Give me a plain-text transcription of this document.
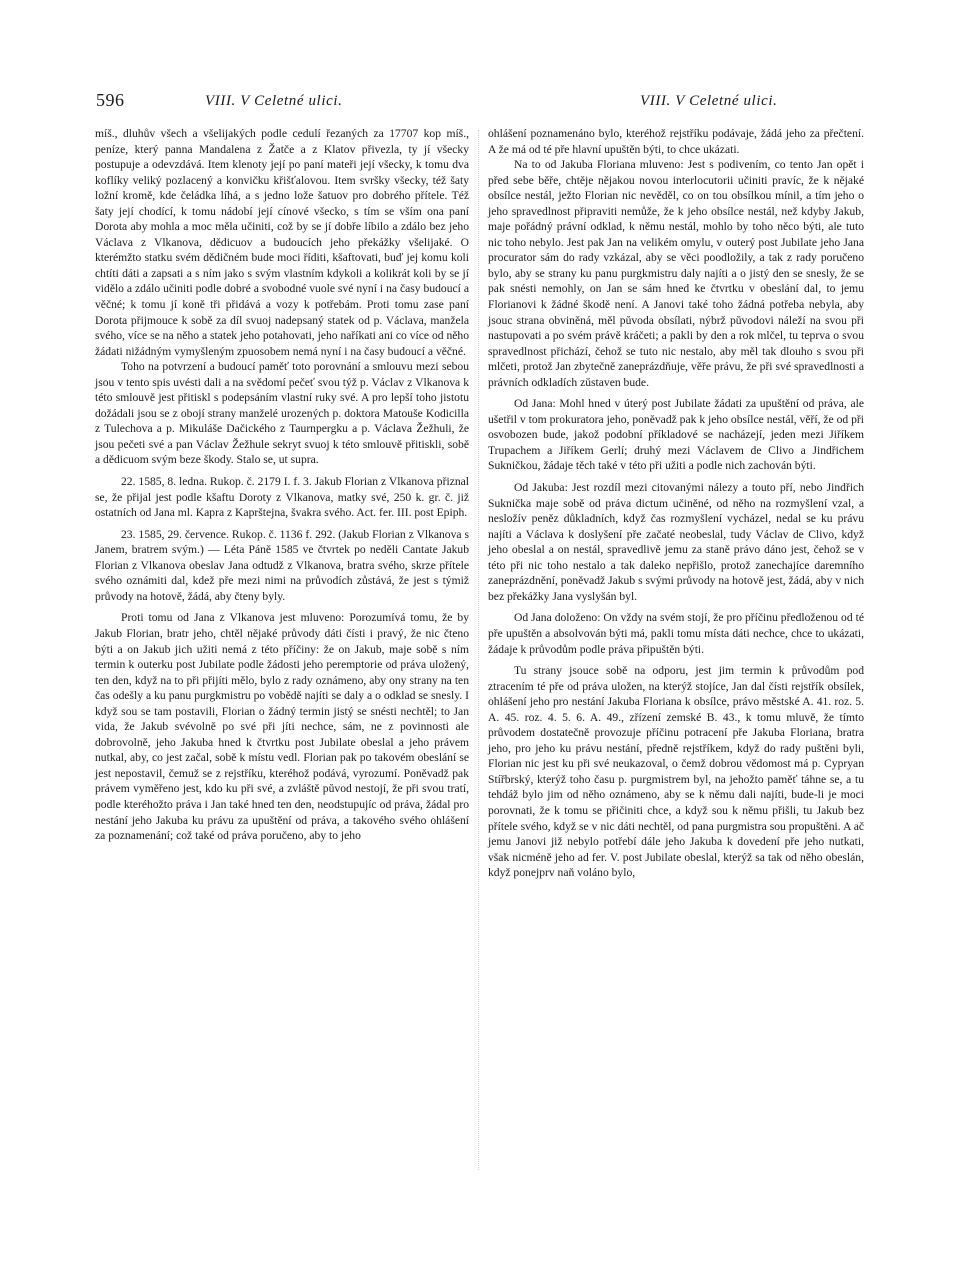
596	VIII. V Celetné ulici.	VIII. V Celetné ulici.

míš., dluhův všech a všelijakých podle cedulí řezaných za 17707 kop míš., peníze, který panna Mandalena z Žatče a z Klatov přivezla, ty jí všecky postupuje a odevzdává. Item klenoty její po paní mateři její všecky, k tomu dva koflíky veliký pozlacený a konvičku křišťalovou. Item svršky všecky, též šaty ložní kromě, kde čeládka líhá, a s jedno lože šatuov pro dobrého přítele. Též šaty její chodící, k tomu nádobí její cínové všecko, s tím se vším ona paní Dorota aby mohla a moc měla učiniti, což by se jí dobře líbilo a zdálo bez jeho Václava z Vlkanova, dědicuov a budoucích jeho překážky všelijaké. O kterémžto statku svém dědičném bude moci říditi, kšaftovati, buď jej komu koli chtíti dáti a zapsati a s ním jako s svým vlastním kdykoli a kolikrát koli by se jí vidělo a zdálo učiniti podle dobré a svobodné vuole své nyní i na časy budoucí a věčné; k tomu jí koně tři přidává a vozy k potřebám. Proti tomu zase paní Dorota přijmouce k sobě za díl svuoj nadepsaný statek od p. Václava, manžela svého, více se na něho a statek jeho potahovati, jeho naříkati ani co více od něho žádati nižádným vymyšleným zpuosobem nemá nyní i na časy budoucí a věčné.

Toho na potvrzení a budoucí paměť toto porovnání a smlouvu mezi sebou jsou v tento spis uvésti dali a na svědomí pečeť svou týž p. Václav z Vlkanova k této smlouvě jest přitiskl s podepsáním vlastní ruky své. A pro lepší toho jistotu dožádali jsou se z obojí strany manželé urozených p. doktora Matouše Kodicilla z Tulechova a p. Mikuláše Dačického z Taurnpergku a p. Václava Žežhuli, že jsou pečeti své a pan Václav Žežhule sekryt svuoj k této smlouvě přitiskli, sobě a dědicuom svým beze škody. Stalo se, ut supra.

22. 1585, 8. ledna. Rukop. č. 2179 I. f. 3. Jakub Florian z Vlkanova přiznal se, že přijal jest podle kšaftu Doroty z Vlkanova, matky své, 250 k. gr. č. již ostatních od Jana ml. Kapra z Kaprštejna, švakra svého. Act. fer. III. post Epiph.

23. 1585, 29. července. Rukop. č. 1136 f. 292. (Jakub Florian z Vlkanova s Janem, bratrem svým.) — Léta Páně 1585 ve čtvrtek po neděli Cantate Jakub Florian z Vlkanova obeslav Jana odtudž z Vlkanova, bratra svého, skrze přítele svého oznámiti dal, kdež pře mezi nimi na průvodích zůstává, že jest s týmiž průvody na hotově, žádá, aby čteny byly.

Proti tomu od Jana z Vlkanova jest mluveno: Porozumívá tomu, že by Jakub Florian, bratr jeho, chtěl nějaké průvody dáti čísti i pravý, že nic čteno býti a on Jakub jich užiti nemá z této příčiny: že on Jakub, maje sobě s ním termin k outerku post Jubilate podle žádosti jeho peremptorie od práva uložený, ten den, když na to při přijíti mělo, bylo z rady oznámeno, aby ony strany na ten čas odešly a ku panu purgkmistru po vobědě najíti se daly a o odklad se snesly. I když sou se tam postavili, Florian o žádný termin jistý se snésti nechtěl; to Jan vida, že Jakub svévolně po své při jíti nechce, sám, ne z povinnosti ale dobrovolně, jeho Jakuba hned k čtvrtku post Jubilate obeslal a jeho právem nutkal, aby, co jest začal, sobě k místu vedl. Florian pak po takovém obeslání se jest nepostavil, čemuž se z rejstříku, kteréhož podává, vyrozumí. Poněvadž pak právem vyměřeno jest, kdo ku při své, a zvláště pŭvod nestojí, že při svou tratí, podle kteréhožto práva i Jan také hned ten den, neodstupujíc od práva, žádal pro nestání jeho Jakuba ku právu za upuštění od práva, a takového svého ohlášení za poznamenání; což také od práva poručeno, aby to jeho

ohlášení poznamenáno bylo, kteréhož rejstříku podávaje, žádá jeho za přečtení. A že má od té pře hlavní upuštěn býti, to chce ukázati.

Na to od Jakuba Floriana mluveno: Jest s podivením, co tento Jan opět i před sebe běře, chtěje nějakou novou interlocutorii učiniti pravíc, že k nějaké obsílce nestál, ježto Florian nic nevěděl, co on tou obsílkou mínil, a tím jeho o jeho spravedlnost připraviti nemůže, že k jeho obsílce nestál, než kdyby Jakub, maje pořádný právní odklad, k němu nestál, mohlo by toho něco býti, ale tuto nic toho nebylo. Jest pak Jan na velikém omylu, v outerý post Jubilate jeho Jana procurator sám do rady vzkázal, aby se věci poodložily, a tak z rady poručeno bylo, aby se strany ku panu purgkmistru daly najíti a o jistý den se snesly, že se pak snésti nemohly, on Jan se sám hned ke čtvrtku v obeslání dal, to jemu Florianovi k žádné škodě není. A Janovi také toho žádná potřeba nebyla, aby jsouc strana obviněná, měl pŭvoda obsílati, nýbrž pŭvodovi náleží na svou při nastupovati a po svém právě kráčeti; a pakli by den a rok mlčel, tu teprva o svou spravedlnost přichází, čehož se tuto nic nestalo, aby měl tak dlouho s svou při mlčeti, protož Jan zbytečně zaneprázdňuje, věře právu, že při své spravedlnosti a právních odkladích zŭstaven bude.

Od Jana: Mohl hned v úterý post Jubilate žádati za upuštění od práva, ale ušetřil v tom prokuratora jeho, poněvadž pak k jeho obsílce nestál, věří, že od při osvobozen bude, jakož podobní příkladové se nacházejí, jeden mezi Jiříkem Trupachem a Jiříkem Gerlí; druhý mezi Václavem de Clivo a Jindřichem Sukničkou, žádaje těch také v této při užiti a podle nich zachován býti.

Od Jakuba: Jest rozdíl mezi citovanými nálezy a touto pří, nebo Jindřich Suknička maje sobě od práva dictum učiněné, od něho na rozmyšlení vzal, a nesložív peněz důkladních, když čas rozmyšlení vycházel, nedal se ku právu najíti a Václava k doslyšení pře začaté neobeslal, tudy Václav de Clivo, když jeho obeslal a on nestál, spravedlivě jemu za staně právo dáno jest, čehož se v této při nic toho nestalo a tak daleko nepřišlo, protož zanechajíce daremního zaneprázdnění, poněvadž Jakub s svými průvody na hotově jest, žádá, aby v nich bez překážky Jana vyslyšán byl.

Od Jana doloženo: On vždy na svém stojí, že pro příčinu předloženou od té pře upuštěn a absolvován býti má, pakli tomu místa dáti nechce, chce to ukázati, žádaje k průvodům podle práva připuštěn býti.

Tu strany jsouce sobě na odporu, jest jim termin k průvodům pod ztracením té pře od práva uložen, na kterýž stojíce, Jan dal čísti rejstřík obsílek, ohlášení jeho pro nestání Jakuba Floriana k obsílce, právo městské A. 41. roz. 5. A. 45. roz. 4. 5. 6. A. 49., zřízení zemské B. 43., k tomu mluvě, že tímto průvodem dostatečně provozuje příčinu potracení pře Jakuba Floriana, bratra jeho, pro jeho ku právu nestání, předně rejstříkem, když do rady puštěni byli, Florian nic jest ku při své neukazoval, o čemž dobrou vědomost má p. Cypryan Stířbrský, kterýž toho času p. purgmistrem byl, na jehožto paměť táhne se, a tu tehdáž bylo jim od něho oznámeno, aby se k němu dali najíti, bude-li je moci porovnati, že k tomu se přičiniti chce, a když sou k němu přišli, tu Jakub bez přítele svého, když se v nic dáti nechtěl, od pana purgmistra sou propuštěni. A ač jemu Janovi již nebylo potřebí dále jeho Jakuba k dovedení pře jeho nutkati, však nicméně jeho ad fer. V. post Jubilate obeslal, kterýž sa tak od něho obeslán, když ponejprv naň voláno bylo,
